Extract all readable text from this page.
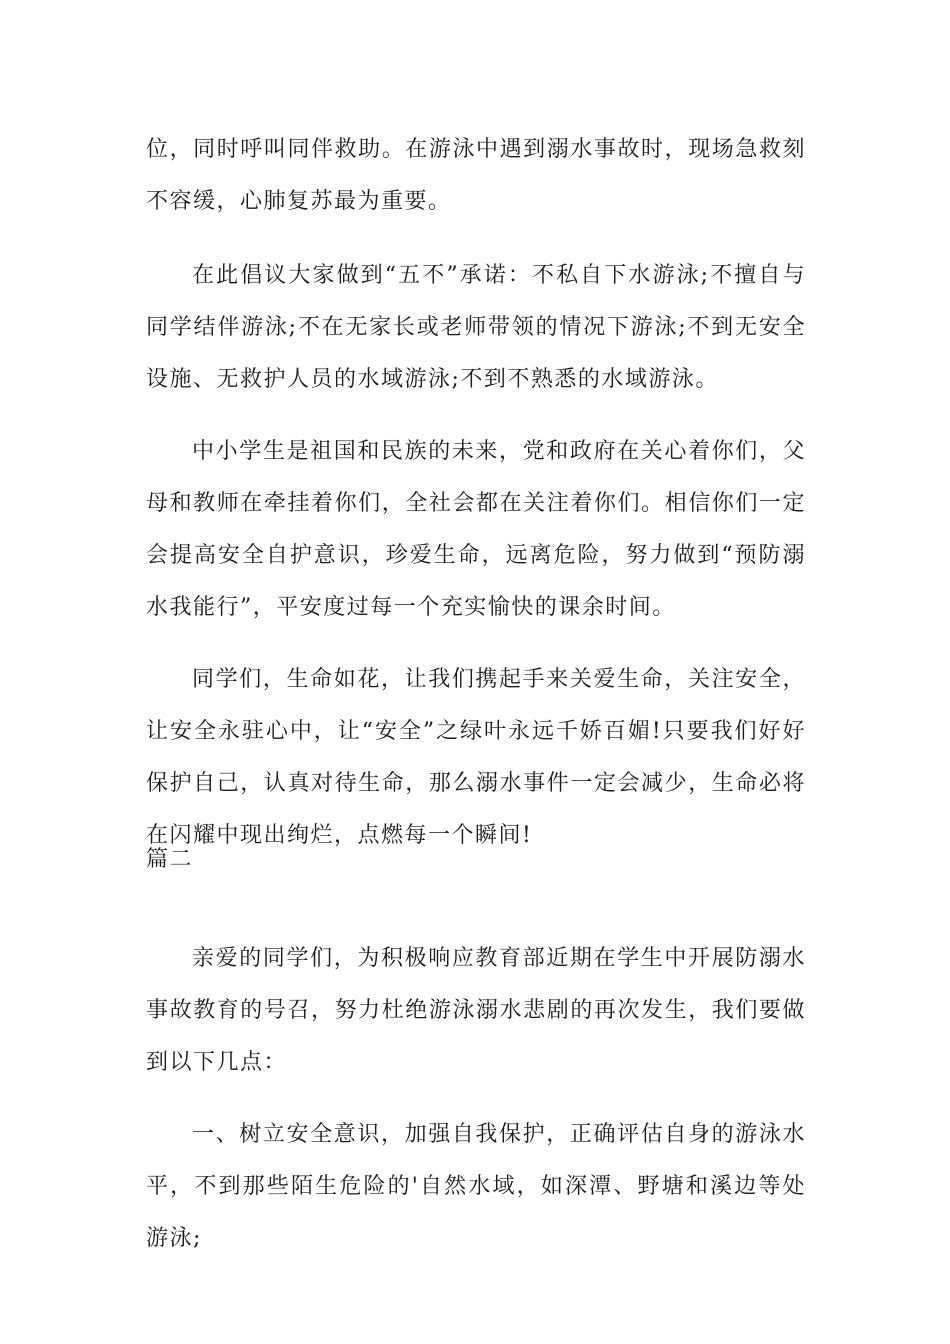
位，同时呼叫同伴救助。在游泳中遇到溺水事故时，现场急救刻不容缓，心肺复苏最为重要。

在此倡议大家做到“五不”承诺：不私自下水游泳;不擅自与同学结伴游泳;不在无家长或老师带领的情况下游泳;不到无安全设施、无救护人员的水域游泳;不到不熟悉的水域游泳。

中小学生是祖国和民族的未来，党和政府在关心着你们，父母和教师在牵挂着你们，全社会都在关注着你们。相信你们一定会提高安全自护意识，珍爱生命，远离危险，努力做到“预防溺水我能行”，平安度过每一个充实愉快的课余时间。

同学们，生命如花，让我们携起手来关爱生命，关注安全，让安全永驻心中，让“安全”之绿叶永远千娇百媚!只要我们好好保护自己，认真对待生命，那么溺水事件一定会减少，生命必将在闪耀中现出绚烂，点燃每一个瞬间!

篇二

亲爱的同学们，为积极响应教育部近期在学生中开展防溺水事故教育的号召，努力杜绝游泳溺水悲剧的再次发生，我们要做到以下几点：

一、树立安全意识，加强自我保护，正确评估自身的游泳水平，不到那些陌生危险的'自然水域，如深潭、野塘和溪边等处游泳;
